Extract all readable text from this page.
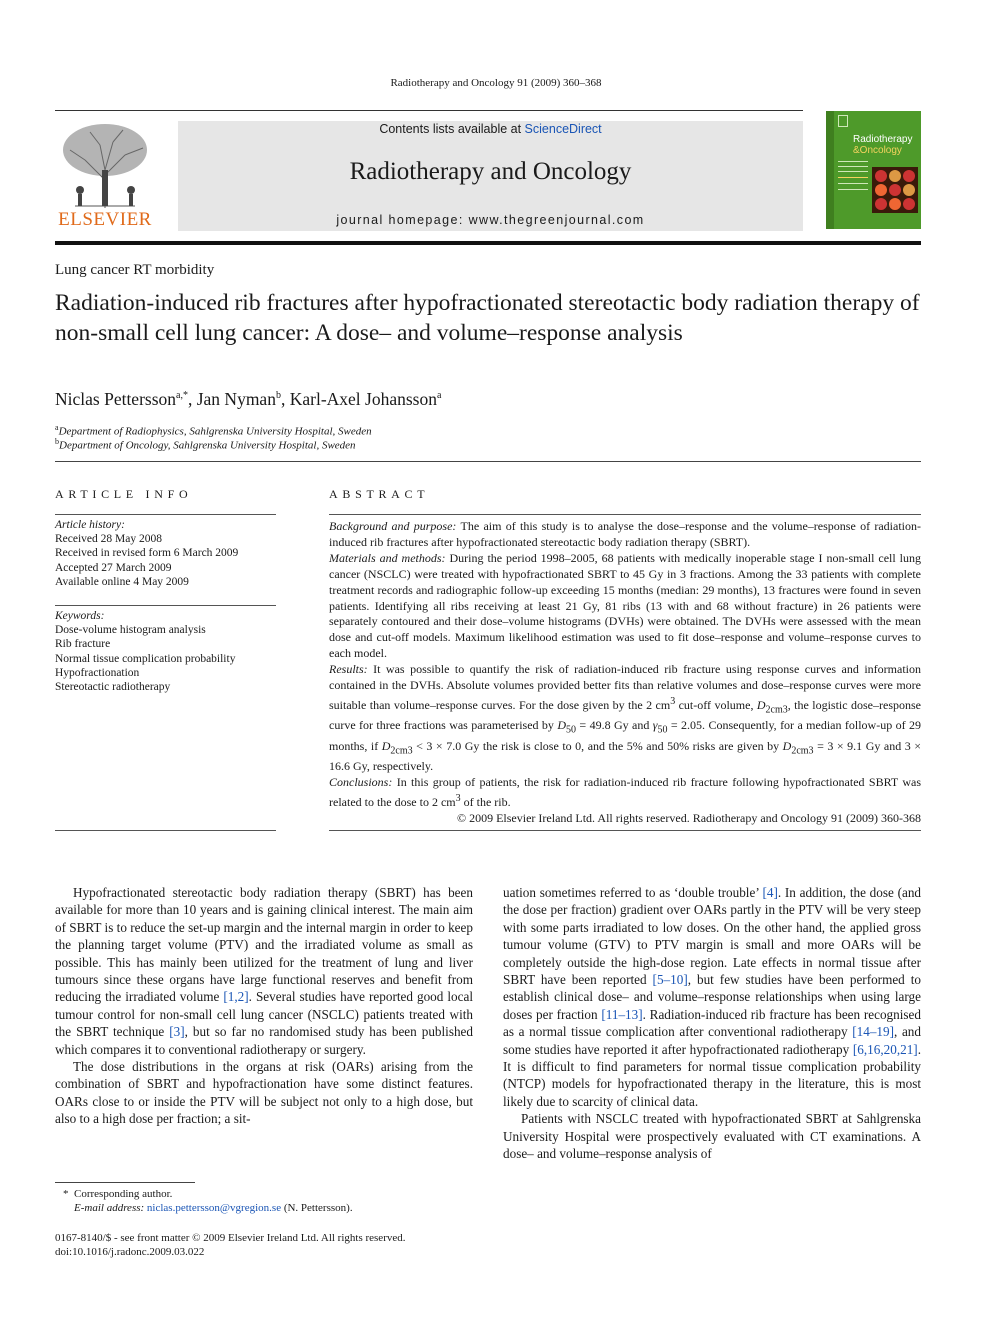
Radiotherapy and Oncology 91 (2009) 360–368
ELSEVIER
Contents lists available at ScienceDirect
Radiotherapy and Oncology
journal homepage: www.thegreenjournal.com
Radiotherapy
&Oncology
Lung cancer RT morbidity
Radiation-induced rib fractures after hypofractionated stereotactic body radiation therapy of non-small cell lung cancer: A dose– and volume–response analysis
Niclas Pettersson$^{a,*}$, Jan Nyman$^b$, Karl-Axel Johansson$^a$
$^a$Department of Radiophysics, Sahlgrenska University Hospital, Sweden
$^b$Department of Oncology, Sahlgrenska University Hospital, Sweden
ARTICLE INFO
Article history:
Received 28 May 2008
Received in revised form 6 March 2009
Accepted 27 March 2009
Available online 4 May 2009
Keywords:
Dose-volume histogram analysis
Rib fracture
Normal tissue complication probability
Hypofractionation
Stereotactic radiotherapy
ABSTRACT

Background and purpose: The aim of this study is to analyse the dose–response and the volume–response of radiation-induced rib fractures after hypofractionated stereotactic body radiation therapy (SBRT).

Materials and methods: During the period 1998–2005, 68 patients with medically inoperable stage I non-small cell lung cancer (NSCLC) were treated with hypofractionated SBRT to 45 Gy in 3 fractions. Among the 33 patients with complete treatment records and radiographic follow-up exceeding 15 months (median: 29 months), 13 fractures were found in seven patients. Identifying all ribs receiving at least 21 Gy, 81 ribs (13 with and 68 without fracture) in 26 patients were separately contoured and their dose–volume histograms (DVHs) were obtained. The DVHs were assessed with the mean dose and cut-off models. Maximum likelihood estimation was used to fit dose–response and volume–response curves to each model.

Results: It was possible to quantify the risk of radiation-induced rib fracture using response curves and information contained in the DVHs. Absolute volumes provided better fits than relative volumes and dose–response curves were more suitable than volume–response curves. For the dose given by the 2 $cm^3$ cut-off volume, $D_{2cm3}$, the logistic dose–response curve for three fractions was parameterised by $D_{50} = 49.8$ Gy and $\gamma_{50} = 2.05$. Consequently, for a median follow-up of 29 months, if $D_{2cm3} < 3 \times 7.0$ Gy the risk is close to 0, and the 5% and 50% risks are given by $D_{2cm3} = 3 \times 9.1$ Gy and 3 × 16.6 Gy, respectively.

Conclusions: In this group of patients, the risk for radiation-induced rib fracture following hypofractionated SBRT was related to the dose to 2 $cm^3$ of the rib.

© 2009 Elsevier Ireland Ltd. All rights reserved. Radiotherapy and Oncology 91 (2009) 360-368

Hypofractionated stereotactic body radiation therapy (SBRT) has been available for more than 10 years and is gaining clinical interest. The main aim of SBRT is to reduce the set-up margin and the internal margin in order to keep the planning target volume (PTV) and the irradiated volume as small as possible. This has mainly been utilized for the treatment of lung and liver tumours since these organs have large functional reserves and benefit from reducing the irradiated volume [1,2]. Several studies have reported good local tumour control for non-small cell lung cancer (NSCLC) patients treated with the SBRT technique [3], but so far no randomised study has been published which compares it to conventional radiotherapy or surgery.

The dose distributions in the organs at risk (OARs) arising from the combination of SBRT and hypofractionation have some distinct features. OARs close to or inside the PTV will be subject not only to a high dose, but also to a high dose per fraction; a sit-

uation sometimes referred to as ‘double trouble’ [4]. In addition, the dose (and the dose per fraction) gradient over OARs partly in the PTV will be very steep with some parts irradiated to low doses. On the other hand, the applied gross tumour volume (GTV) to PTV margin is small and more OARs will be completely outside the high-dose region. Late effects in normal tissue after SBRT have been reported [5–10], but few studies have been performed to establish clinical dose– and volume–response relationships when using large doses per fraction [11–13]. Radiation-induced rib fracture has been recognised as a normal tissue complication after conventional radiotherapy [14–19], and some studies have reported it after hypofractionated radiotherapy [6,16,20,21]. It is difficult to find parameters for normal tissue complication probability (NTCP) models for hypofractionated therapy in the literature, this is most likely due to scarcity of clinical data.

Patients with NSCLC treated with hypofractionated SBRT at Sahlgrenska University Hospital were prospectively evaluated with CT examinations. A dose– and volume–response analysis of

* Corresponding author.
E-mail address: niclas.pettersson@vgregion.se (N. Pettersson).
0167-8140/$ - see front matter © 2009 Elsevier Ireland Ltd. All rights reserved.
doi:10.1016/j.radonc.2009.03.022
